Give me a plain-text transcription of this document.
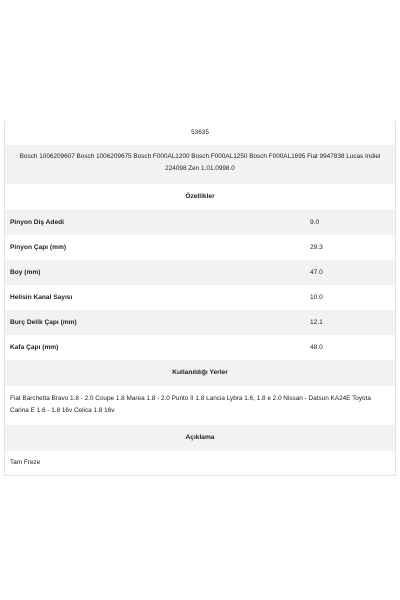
53635
Bosch 1006209607 Bosch 1006209675 Bosch F000AL1200 Bosch F000AL1250 Bosch F000AL1695 Fiat 9947838 Lucas Indiel 224098 Zen 1.01.0998.0
Özellikler
Pinyon Diş Adedi	9.0
Pinyon Çapı (mm)	29.3
Boy (mm)	47.0
Helisin Kanal Sayısı	10.0
Burç Delik Çapı (mm)	12.1
Kafa Çapı (mm)	48.0
Kullanıldığı Yerler
Fiat Barchetta Bravo 1.8 - 2.0 Coupe 1.8 Marea 1.8 - 2.0 Punto II 1.8 Lancia Lybra 1.6, 1.8 e 2.0 Nissan - Datsun KA24E Toyota Carina E 1.6 - 1.8 16v Celica 1.8 16v
Açıklama
Tam Freze
